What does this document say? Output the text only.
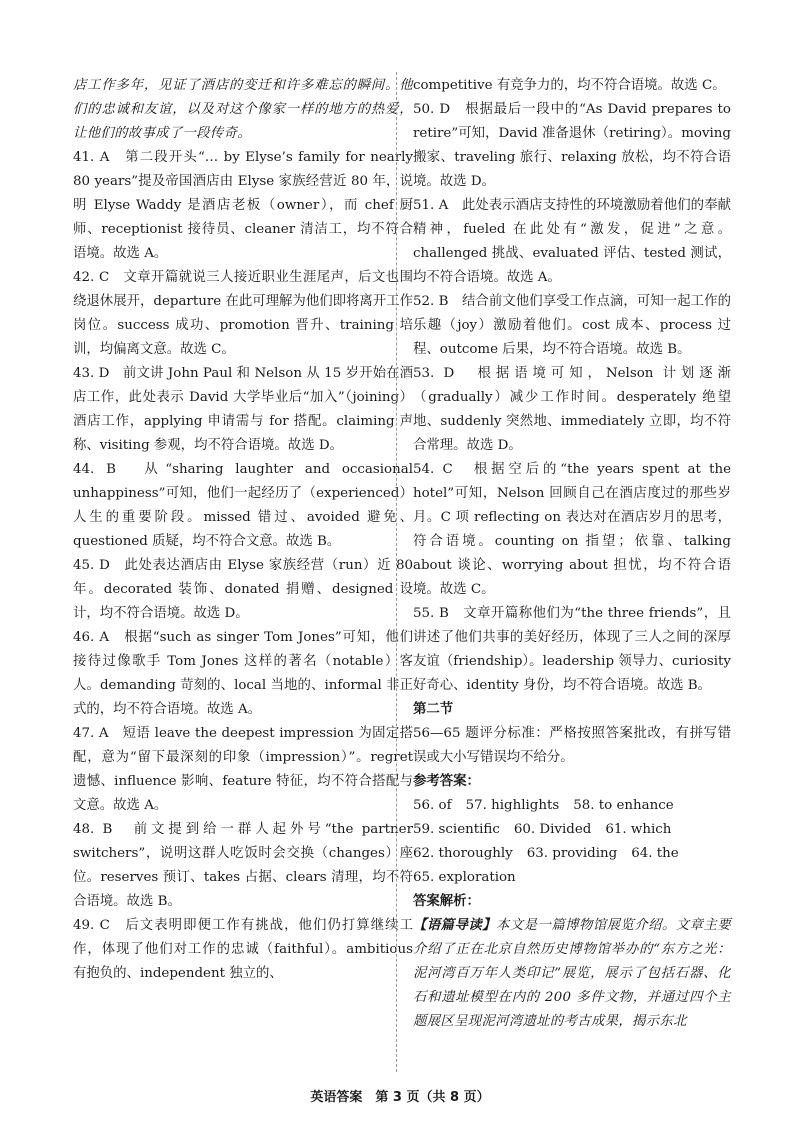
店工作多年，见证了酒店的变迁和许多难忘的瞬间。他们的忠诚和友谊，以及对这个像家一样的地方的热爱，让他们的故事成了一段传奇。

41. A　第二段开头“… by Elyse’s family for nearly 80 years”提及帝国酒店由 Elyse 家族经营近 80 年，说明 Elyse Waddy 是酒店老板（owner），而 chef 厨师、receptionist 接待员、cleaner 清洁工，均不符合语境。故选 A。

42. C　文章开篇就说三人接近职业生涯尾声，后文也围绕退休展开，departure 在此可理解为他们即将离开工作岗位。success 成功、promotion 晋升、training 培训，均偏离文意。故选 C。

43. D　前文讲 John Paul 和 Nelson 从 15 岁开始在酒店工作，此处表示 David 大学毕业后“加入”（joining）酒店工作，applying 申请需与 for 搭配。claiming 声称、visiting 参观，均不符合语境。故选 D。

44. B　从“sharing laughter and occasional unhappiness”可知，他们一起经历了（experienced）人生的重要阶段。missed 错过、avoided 避免、questioned 质疑，均不符合文意。故选 B。

45. D　此处表达酒店由 Elyse 家族经营（run）近 80 年。decorated 装饰、donated 捐赠、designed 设计，均不符合语境。故选 D。

46. A　根据“such as singer Tom Jones”可知，他们接待过像歌手 Tom Jones 这样的著名（notable）客人。demanding 苛刻的、local 当地的、informal 非正式的，均不符合语境。故选 A。

47. A　短语 leave the deepest impression 为固定搭配，意为“留下最深刻的印象（impression）”。regret 遗憾、influence 影响、feature 特征，均不符合搭配与文意。故选 A。

48. B　前文提到给一群人起外号“the partner switchers”，说明这群人吃饭时会交换（changes）座位。reserves 预订、takes 占据、clears 清理，均不符合语境。故选 B。

49. C　后文表明即便工作有挑战，他们仍打算继续工作，体现了他们对工作的忠诚（faithful）。ambitious 有抱负的、independent 独立的、

competitive 有竞争力的，均不符合语境。故选 C。

50. D　根据最后一段中的“As David prepares to retire”可知，David 准备退休（retiring）。moving 搬家、traveling 旅行、relaxing 放松，均不符合语境。故选 D。

51. A　此处表示酒店支持性的环境激励着他们的奉献精神，fueled 在此处有“激发，促进”之意。challenged 挑战、evaluated 评估、tested 测试，均不符合语境。故选 A。

52. B　结合前文他们享受工作点滴，可知一起工作的乐趣（joy）激励着他们。cost 成本、process 过程、outcome 后果，均不符合语境。故选 B。

53. D　根据语境可知，Nelson 计划逐渐（gradually）减少工作时间。desperately 绝望地、suddenly 突然地、immediately 立即，均不符合常理。故选 D。

54. C　根据空后的“the years spent at the hotel”可知，Nelson 回顾自己在酒店度过的那些岁月。C 项 reflecting on 表达对在酒店岁月的思考，符合语境。counting on 指望；依靠、talking about 谈论、worrying about 担忧，均不符合语境。故选 C。

55. B　文章开篇称他们为“the three friends”，且讲述了他们共事的美好经历，体现了三人之间的深厚友谊（friendship）。leadership 领导力、curiosity 好奇心、identity 身份，均不符合语境。故选 B。

第二节

56—65 题评分标准：严格按照答案批改，有拼写错误或大小写错误均不给分。

参考答案：

56. of 57. highlights 58. to enhance

59. scientific 60. Divided 61. which

62. thoroughly 63. providing 64. the

65. exploration

答案解析：

【语篇导读】本文是一篇博物馆展览介绍。文章主要介绍了正在北京自然历史博物馆举办的“东方之光：泥河湾百万年人类印记”展览，展示了包括石器、化石和遗址模型在内的 200 多件文物，并通过四个主题展区呈现泥河湾遗址的考古成果，揭示东北

英语答案　第 3 页（共 8 页）
